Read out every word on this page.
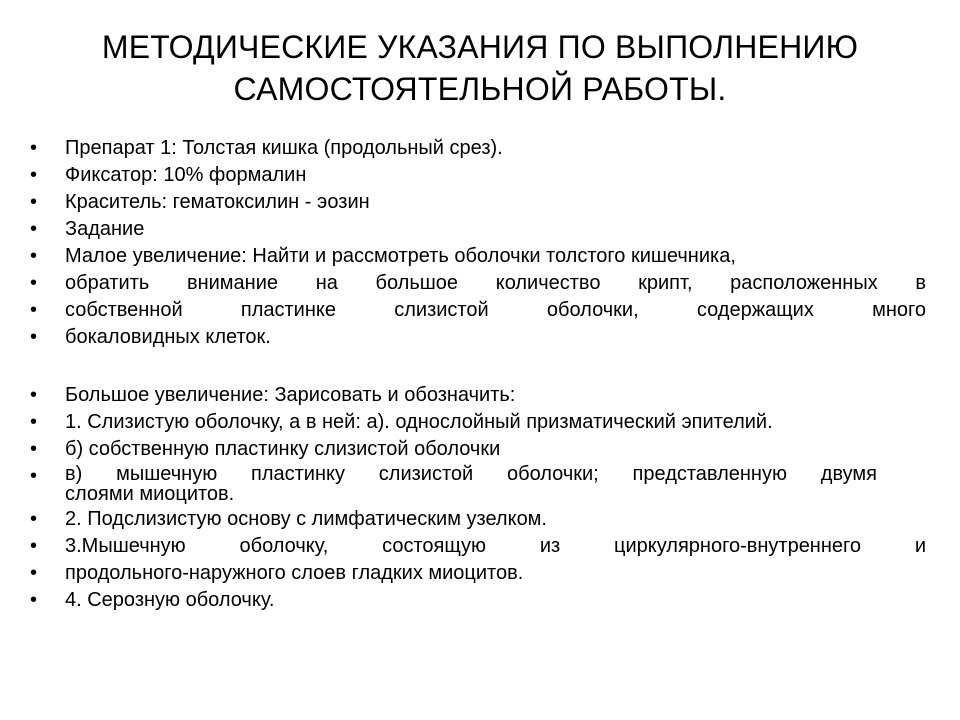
МЕТОДИЧЕСКИЕ УКАЗАНИЯ ПО ВЫПОЛНЕНИЮ
САМОСТОЯТЕЛЬНОЙ РАБОТЫ.
• Препарат 1: Толстая кишка (продольный срез).
• Фиксатор: 10% формалин
• Краситель: гематоксилин - эозин
• Задание
• Малое увеличение: Найти и рассмотреть оболочки толстого кишечника,
• обратить внимание на большое количество крипт, расположенных в
• собственной пластинке слизистой оболочки, содержащих много
• бокаловидных клеток.
• Большое увеличение: Зарисовать и обозначить:
• 1. Слизистую оболочку, а в ней: а). однослойный призматический эпителий.
• б) собственную пластинку слизистой оболочки
• в) мышечную пластинку слизистой оболочки; представленную двумя
слоями миоцитов.
• 2. Подслизистую основу с лимфатическим узелком.
• 3.Мышечную оболочку, состоящую из циркулярного-внутреннего и
• продольного-наружного слоев гладких миоцитов.
• 4. Серозную оболочку.
